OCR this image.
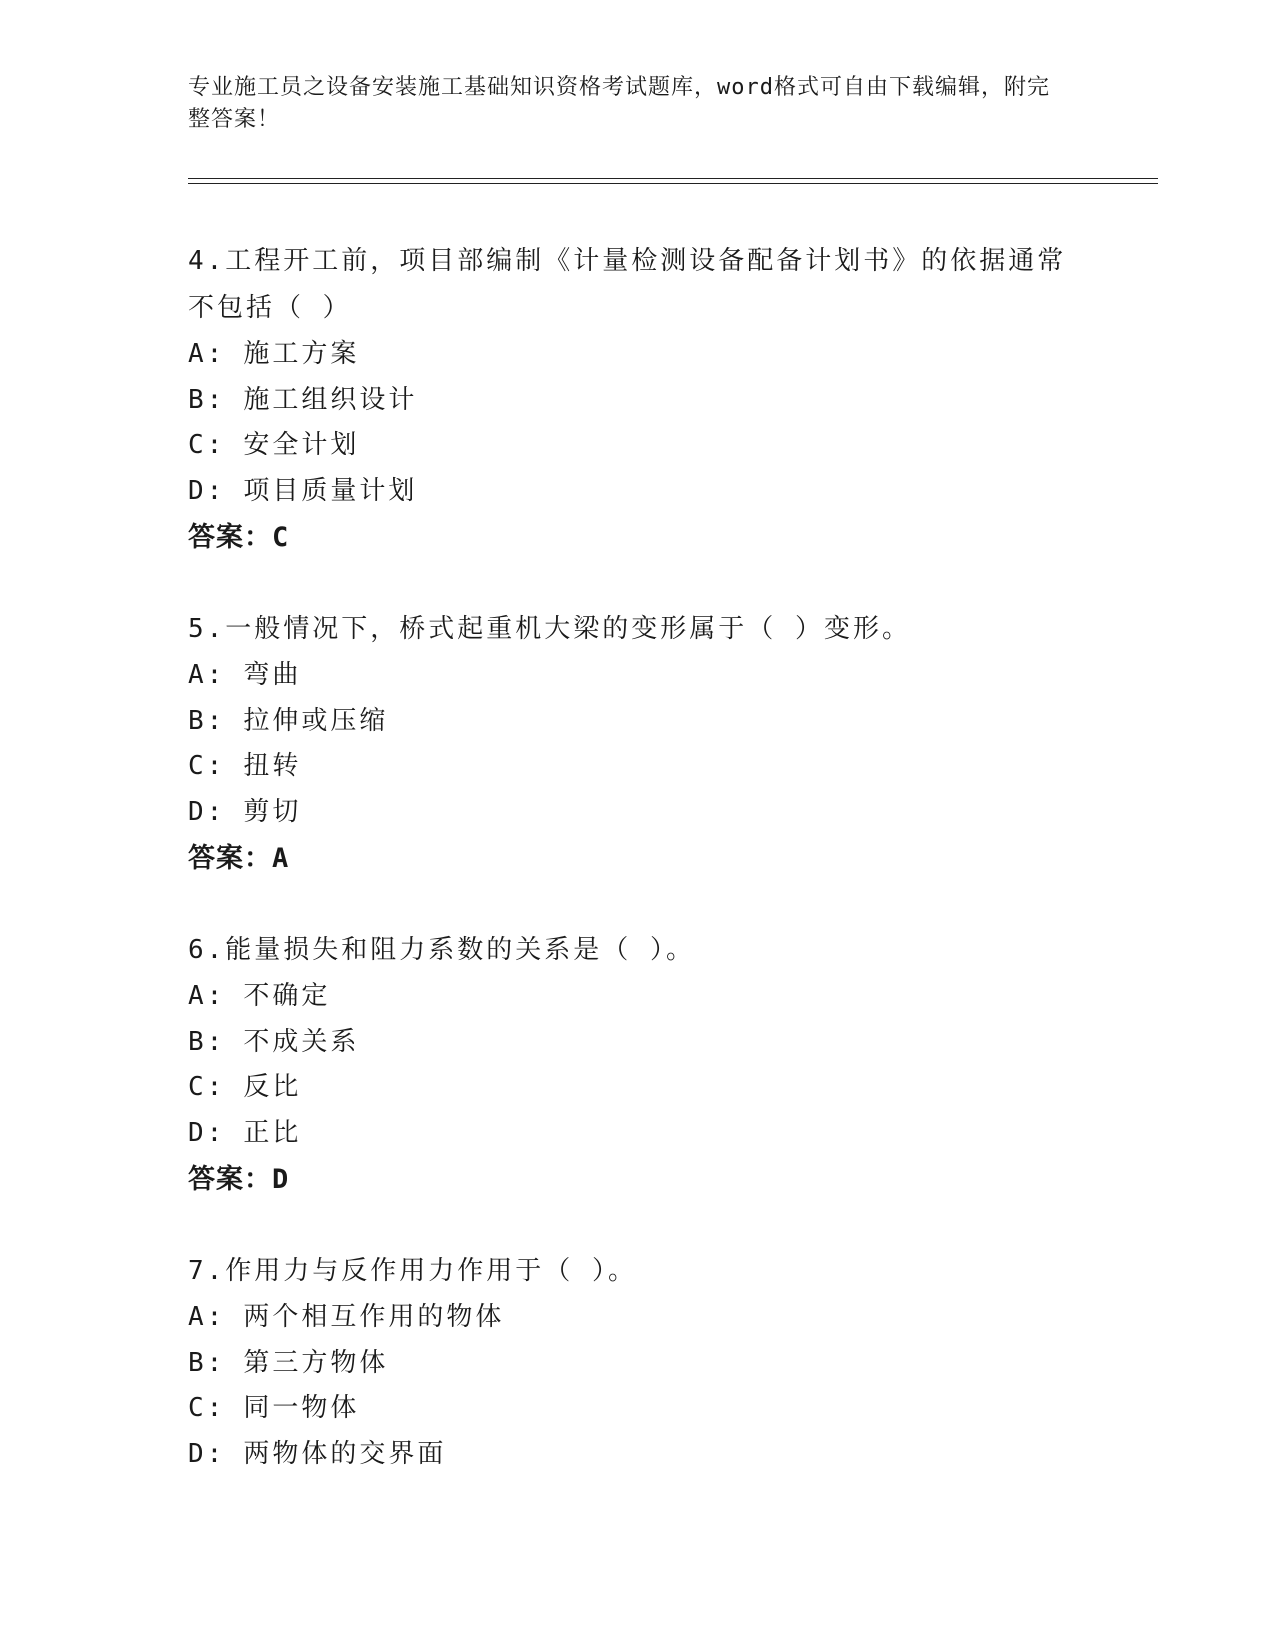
专业施工员之设备安装施工基础知识资格考试题库，word格式可自由下载编辑，附完整答案！
4.工程开工前，项目部编制《计量检测设备配备计划书》的依据通常不包括（ ）
A: 施工方案
B: 施工组织设计
C: 安全计划
D: 项目质量计划
答案：C
5.一般情况下，桥式起重机大梁的变形属于（ ）变形。
A: 弯曲
B: 拉伸或压缩
C: 扭转
D: 剪切
答案：A
6.能量损失和阻力系数的关系是（ ）。
A: 不确定
B: 不成关系
C: 反比
D: 正比
答案：D
7.作用力与反作用力作用于（ ）。
A: 两个相互作用的物体
B: 第三方物体
C: 同一物体
D: 两物体的交界面
